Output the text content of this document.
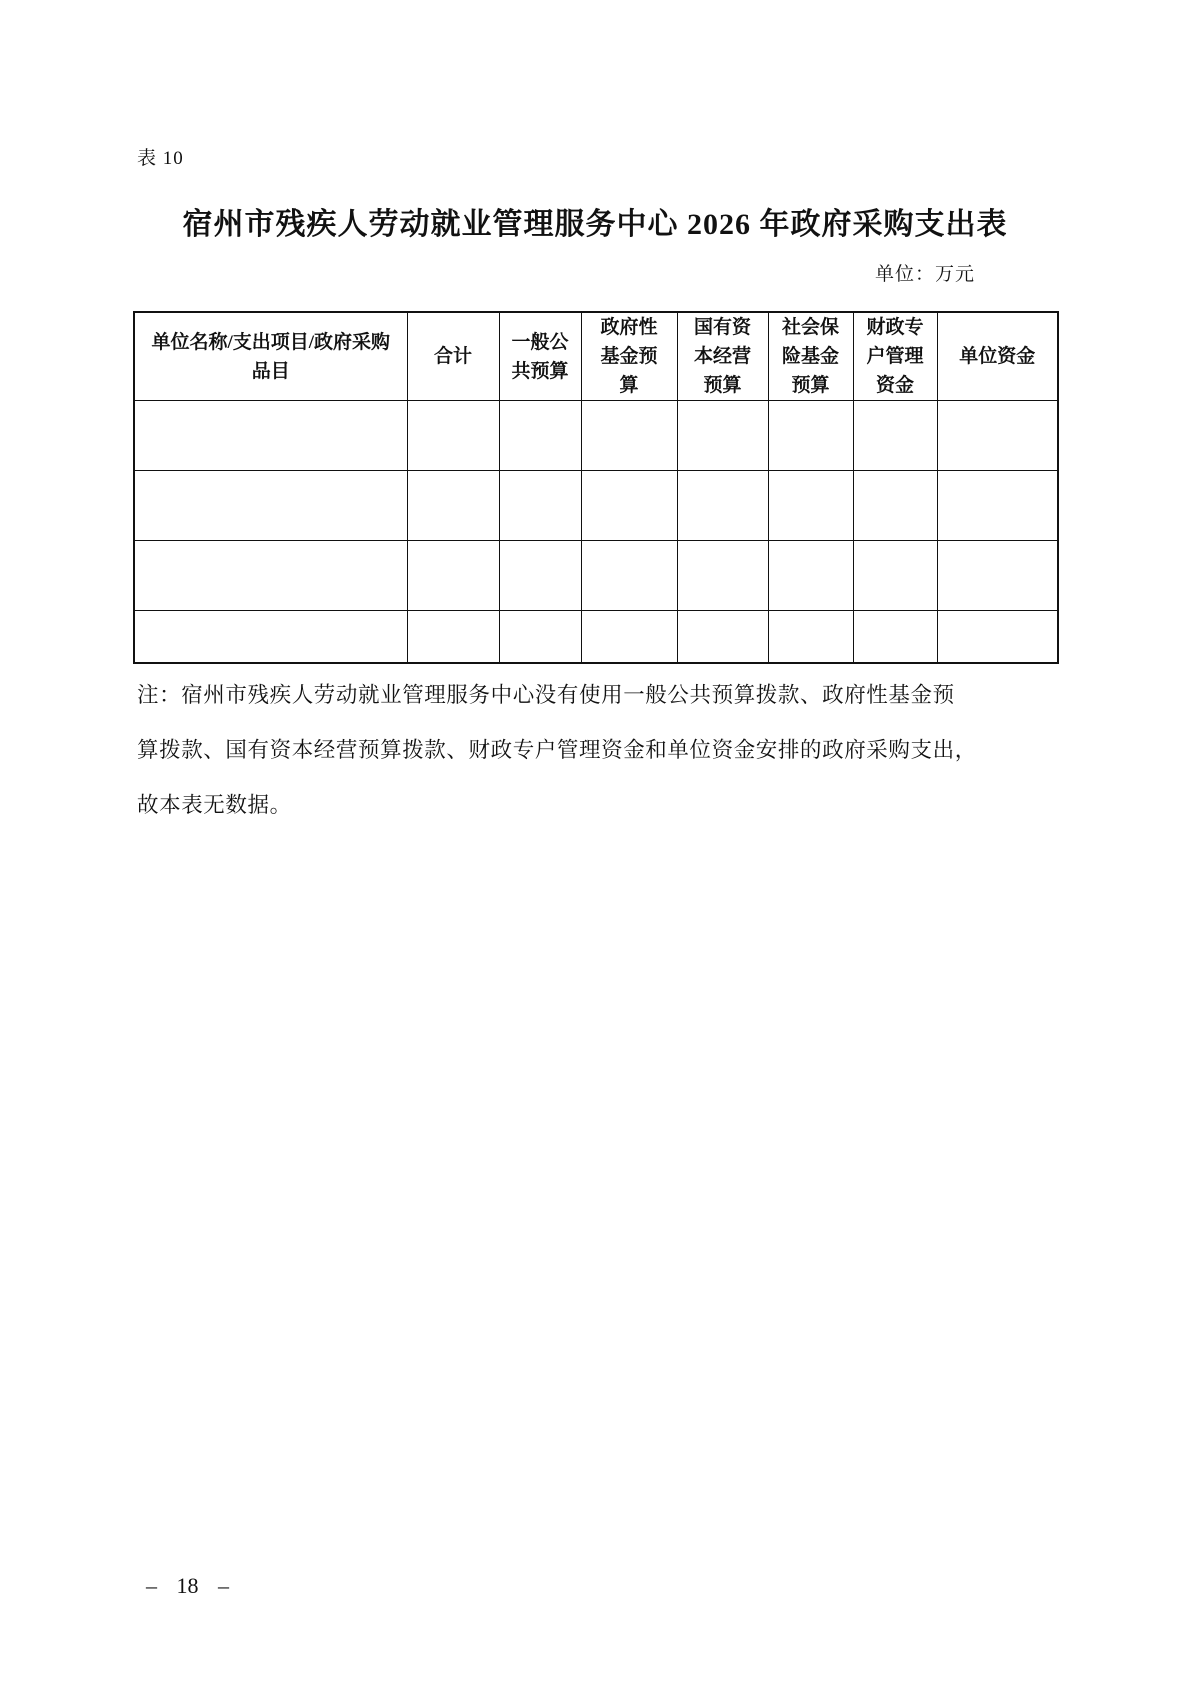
表 10
宿州市残疾人劳动就业管理服务中心 2026 年政府采购支出表
单位：万元
单位名称/支出项目/政府采购品目	合计	一般公共预算	政府性基金预算	国有资本经营预算	社会保险基金预算	财政专户管理资金	单位资金

注：宿州市残疾人劳动就业管理服务中心没有使用一般公共预算拨款、政府性基金预
算拨款、国有资本经营预算拨款、财政专户管理资金和单位资金安排的政府采购支出，
故本表无数据。
– 18 –
